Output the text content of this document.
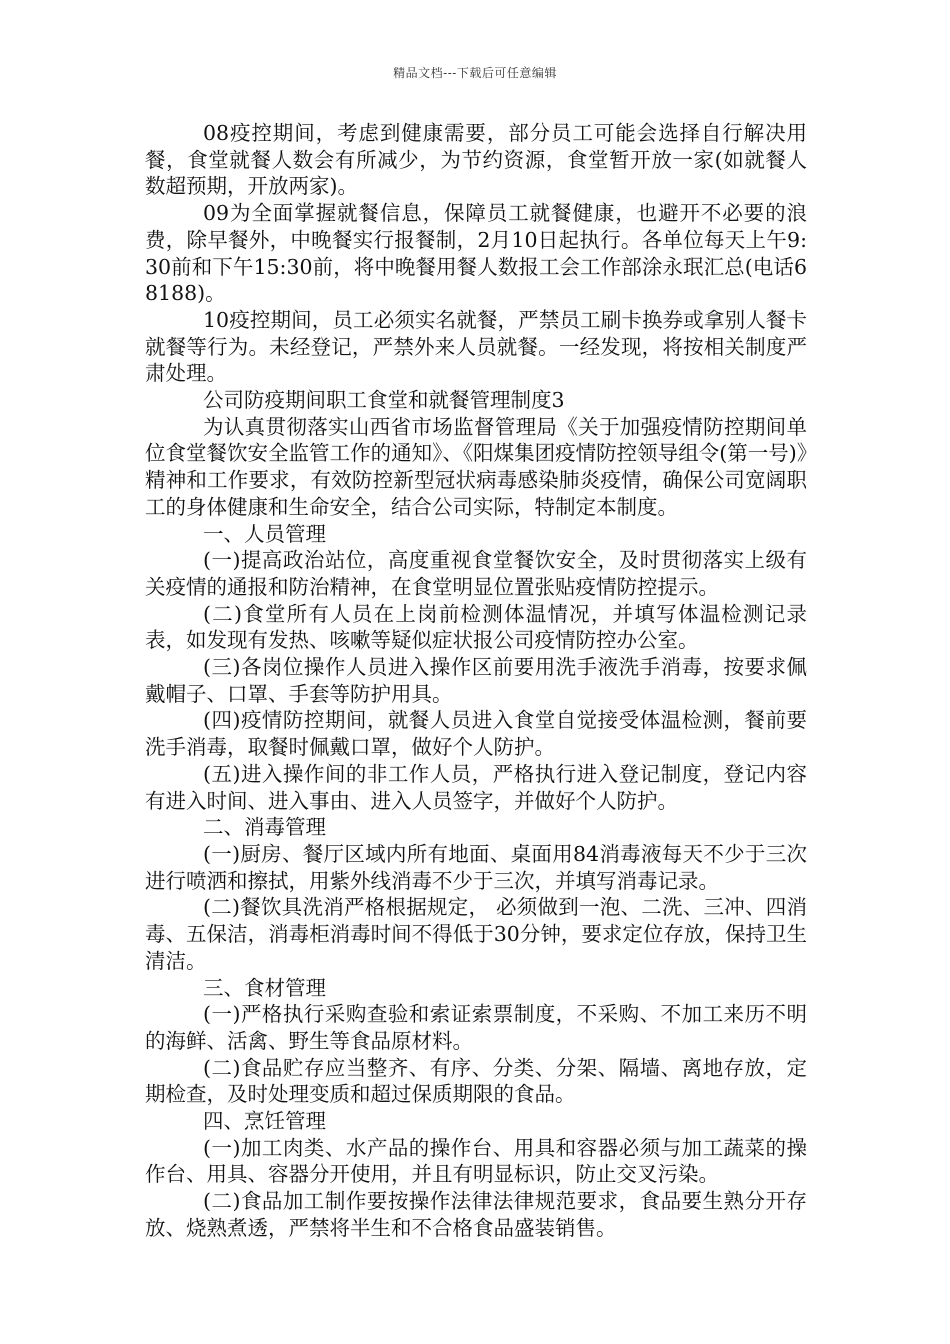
精品文档---下载后可任意编辑

08疫控期间，考虑到健康需要，部分员工可能会选择自行解决用餐，食堂就餐人数会有所减少，为节约资源，食堂暂开放一家(如就餐人数超预期，开放两家)。

09为全面掌握就餐信息，保障员工就餐健康，也避开不必要的浪费，除早餐外，中晚餐实行报餐制，2月10日起执行。各单位每天上午9:30前和下午15:30前，将中晚餐用餐人数报工会工作部涂永珉汇总(电话68188)。

10疫控期间，员工必须实名就餐，严禁员工刷卡换券或拿别人餐卡就餐等行为。未经登记，严禁外来人员就餐。一经发现，将按相关制度严肃处理。

公司防疫期间职工食堂和就餐管理制度3

为认真贯彻落实山西省市场监督管理局《关于加强疫情防控期间单位食堂餐饮安全监管工作的通知》、《阳煤集团疫情防控领导组令(第一号)》精神和工作要求，有效防控新型冠状病毒感染肺炎疫情，确保公司宽阔职工的身体健康和生命安全，结合公司实际，特制定本制度。

一、人员管理

(一)提高政治站位，高度重视食堂餐饮安全，及时贯彻落实上级有关疫情的通报和防治精神，在食堂明显位置张贴疫情防控提示。

(二)食堂所有人员在上岗前检测体温情况，并填写体温检测记录表，如发现有发热、咳嗽等疑似症状报公司疫情防控办公室。

(三)各岗位操作人员进入操作区前要用洗手液洗手消毒，按要求佩戴帽子、口罩、手套等防护用具。

(四)疫情防控期间，就餐人员进入食堂自觉接受体温检测，餐前要洗手消毒，取餐时佩戴口罩，做好个人防护。

(五)进入操作间的非工作人员，严格执行进入登记制度，登记内容有进入时间、进入事由、进入人员签字，并做好个人防护。

二、消毒管理

(一)厨房、餐厅区域内所有地面、桌面用84消毒液每天不少于三次进行喷洒和擦拭，用紫外线消毒不少于三次，并填写消毒记录。

(二)餐饮具洗消严格根据规定， 必须做到一泡、二洗、三冲、四消毒、五保洁，消毒柜消毒时间不得低于30分钟，要求定位存放，保持卫生清洁。

三、食材管理

(一)严格执行采购查验和索证索票制度，不采购、不加工来历不明的海鲜、活禽、野生等食品原材料。

(二)食品贮存应当整齐、有序、分类、分架、隔墙、离地存放，定期检查，及时处理变质和超过保质期限的食品。

四、烹饪管理

(一)加工肉类、水产品的操作台、用具和容器必须与加工蔬菜的操作台、用具、容器分开使用，并且有明显标识，防止交叉污染。

(二)食品加工制作要按操作法律法律规范要求，食品要生熟分开存放、烧熟煮透，严禁将半生和不合格食品盛装销售。
